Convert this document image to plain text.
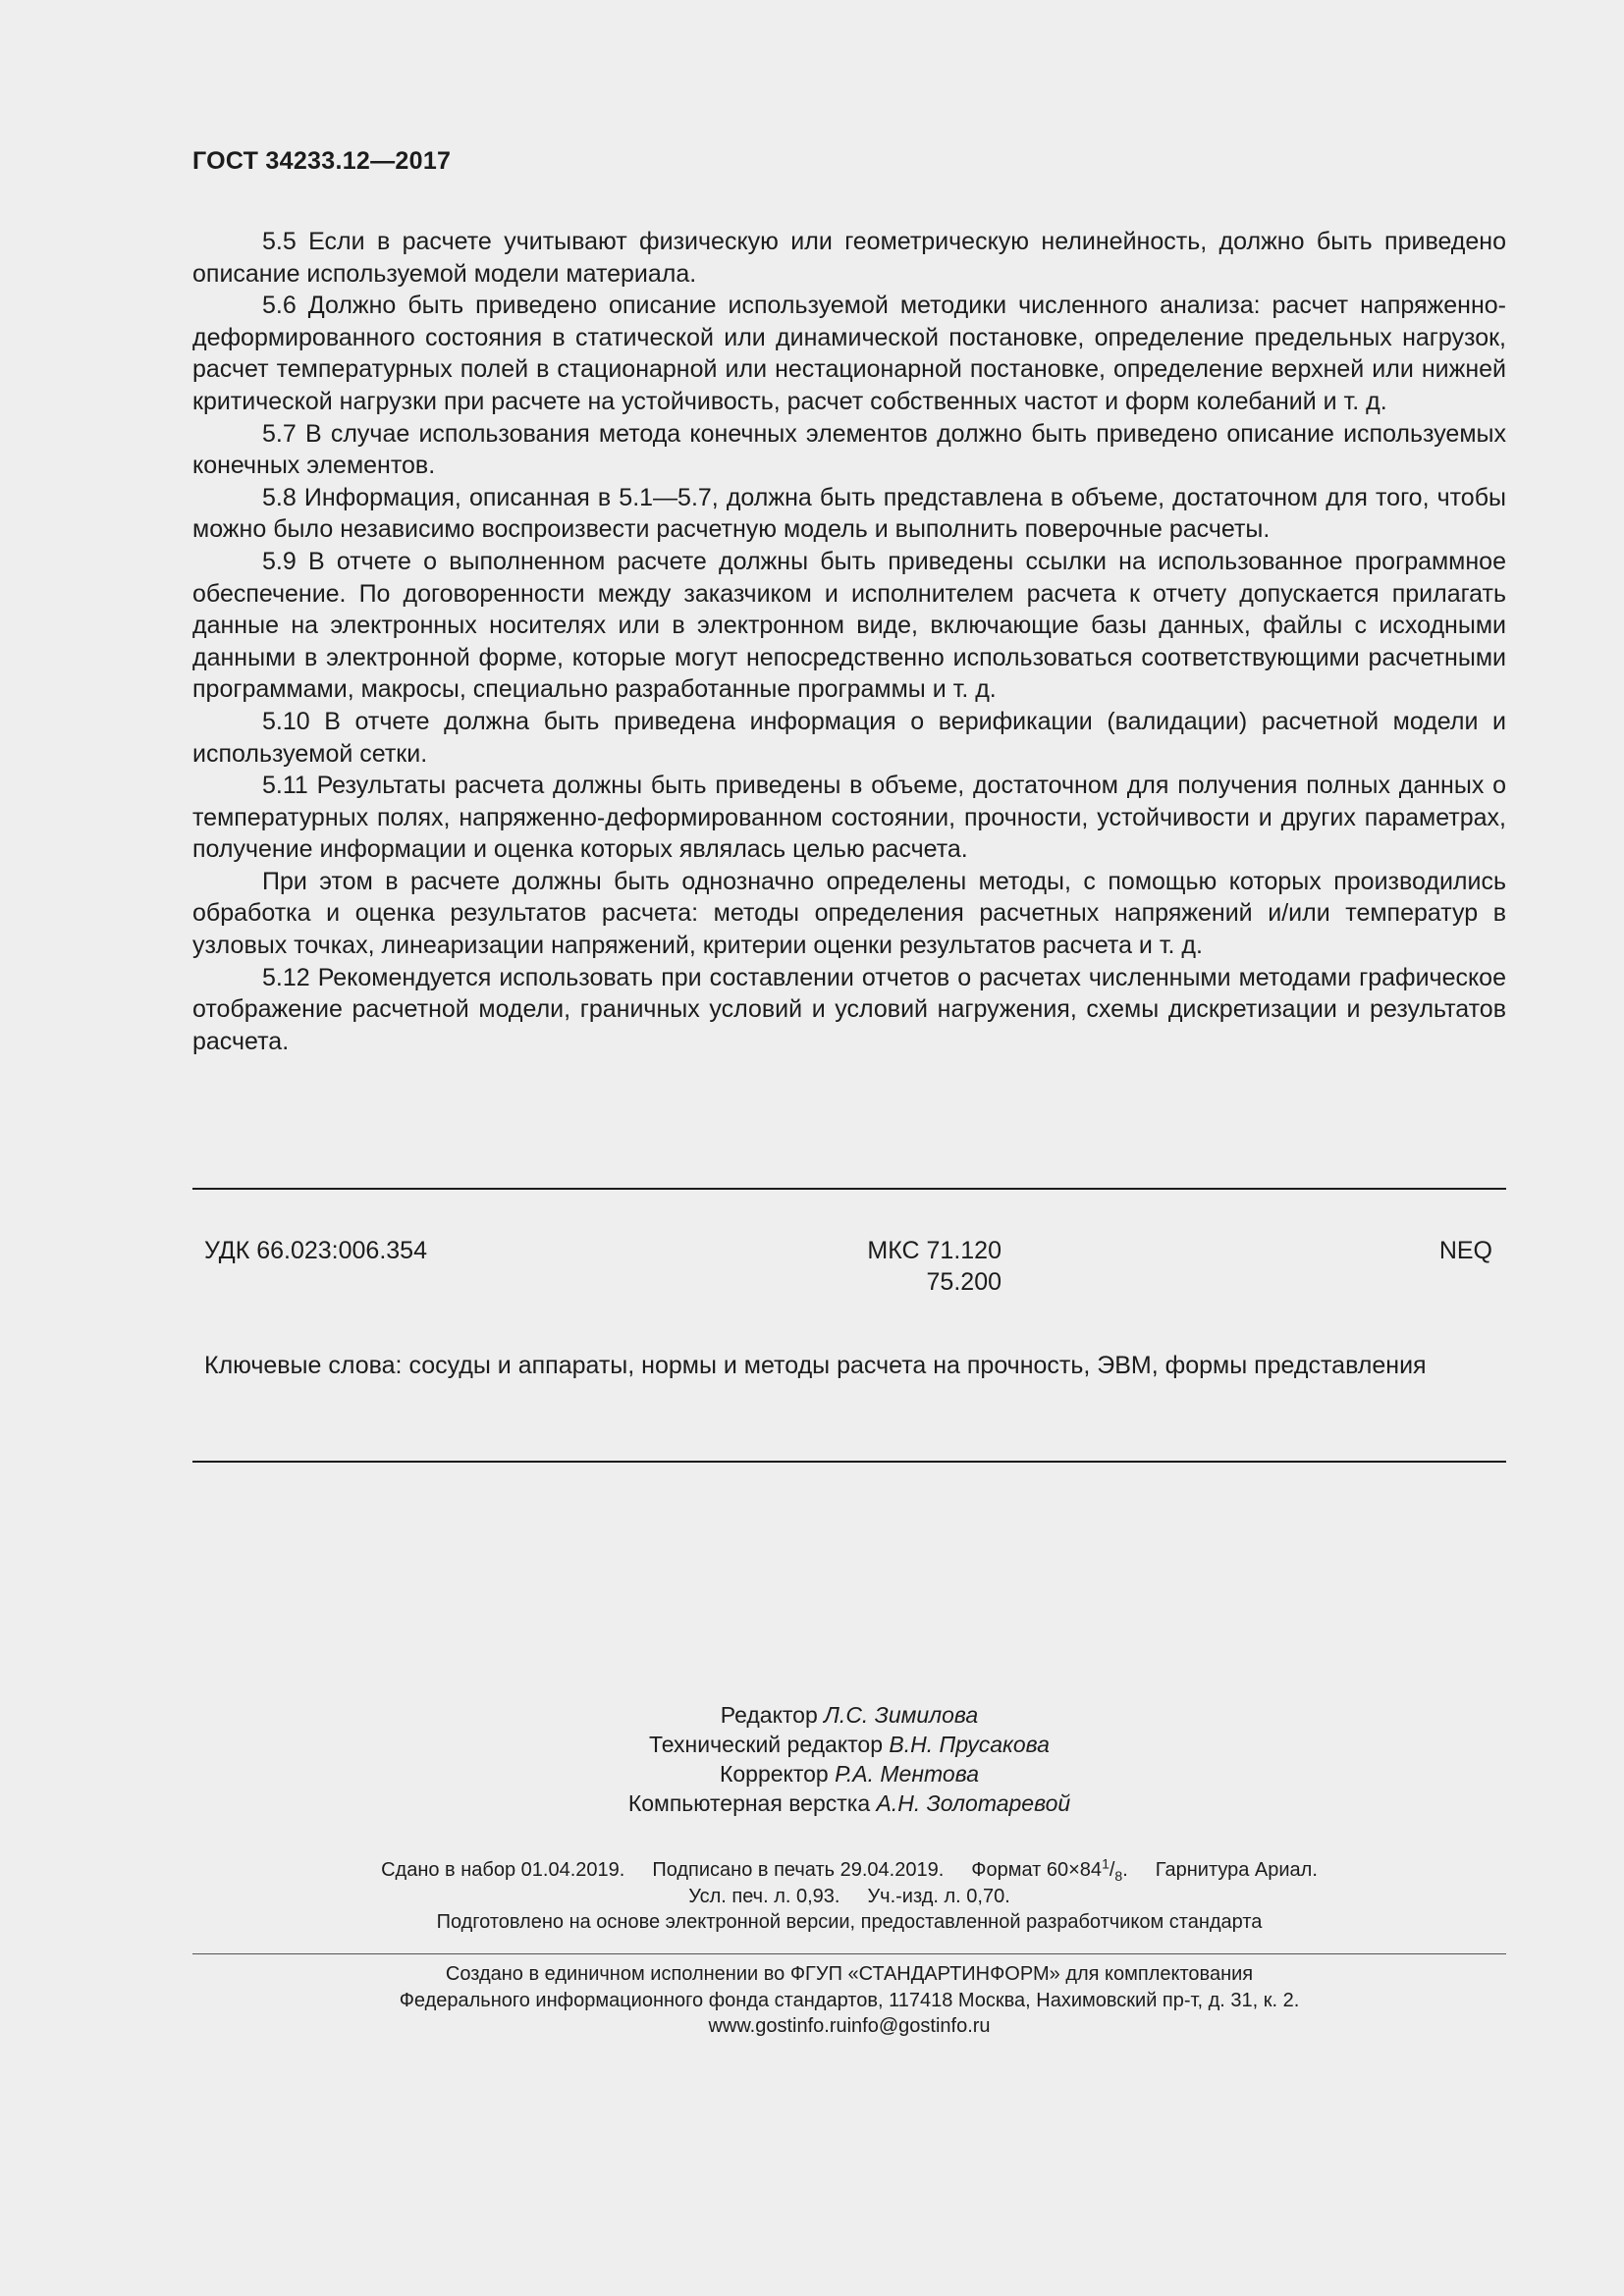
ГОСТ 34233.12—2017

5.5 Если в расчете учитывают физическую или геометрическую нелинейность, должно быть приведено описание используемой модели материала.

5.6 Должно быть приведено описание используемой методики численного анализа: расчет напряженно-деформированного состояния в статической или динамической постановке, определение предельных нагрузок, расчет температурных полей в стационарной или нестационарной постановке, определение верхней или нижней критической нагрузки при расчете на устойчивость, расчет собственных частот и форм колебаний и т. д.

5.7 В случае использования метода конечных элементов должно быть приведено описание используемых конечных элементов.

5.8 Информация, описанная в 5.1—5.7, должна быть представлена в объеме, достаточном для того, чтобы можно было независимо воспроизвести расчетную модель и выполнить поверочные расчеты.

5.9 В отчете о выполненном расчете должны быть приведены ссылки на использованное программное обеспечение. По договоренности между заказчиком и исполнителем расчета к отчету допускается прилагать данные на электронных носителях или в электронном виде, включающие базы данных, файлы с исходными данными в электронной форме, которые могут непосредственно использоваться соответствующими расчетными программами, макросы, специально разработанные программы и т. д.

5.10 В отчете должна быть приведена информация о верификации (валидации) расчетной модели и используемой сетки.

5.11 Результаты расчета должны быть приведены в объеме, достаточном для получения полных данных о температурных полях, напряженно-деформированном состоянии, прочности, устойчивости и других параметрах, получение информации и оценка которых являлась целью расчета.

При этом в расчете должны быть однозначно определены методы, с помощью которых производились обработка и оценка результатов расчета: методы определения расчетных напряжений и/или температур в узловых точках, линеаризации напряжений, критерии оценки результатов расчета и т. д.

5.12 Рекомендуется использовать при составлении отчетов о расчетах численными методами графическое отображение расчетной модели, граничных условий и условий нагружения, схемы дискретизации и результатов расчета.

УДК 66.023:006.354	МКС 71.120
75.200
NEQ
Ключевые слова: сосуды и аппараты, нормы и методы расчета на прочность, ЭВМ, формы представления
Редактор Л.С. Зимилова
Технический редактор В.Н. Прусакова
Корректор Р.А. Ментова
Компьютерная верстка А.Н. Золотаревой
Сдано в набор 01.04.2019. Подписано в печать 29.04.2019. Формат $60\times 84^1/_8$. Гарнитура Ариал.
Усл. печ. л. 0,93. Уч.-изд. л. 0,70.
Подготовлено на основе электронной версии, предоставленной разработчиком стандарта
Создано в единичном исполнении во ФГУП «СТАНДАРТИНФОРМ» для комплектования
Федерального информационного фонда стандартов, 117418 Москва, Нахимовский пр-т, д. 31, к. 2.
www.gostinfo.ruinfo@gostinfo.ru
